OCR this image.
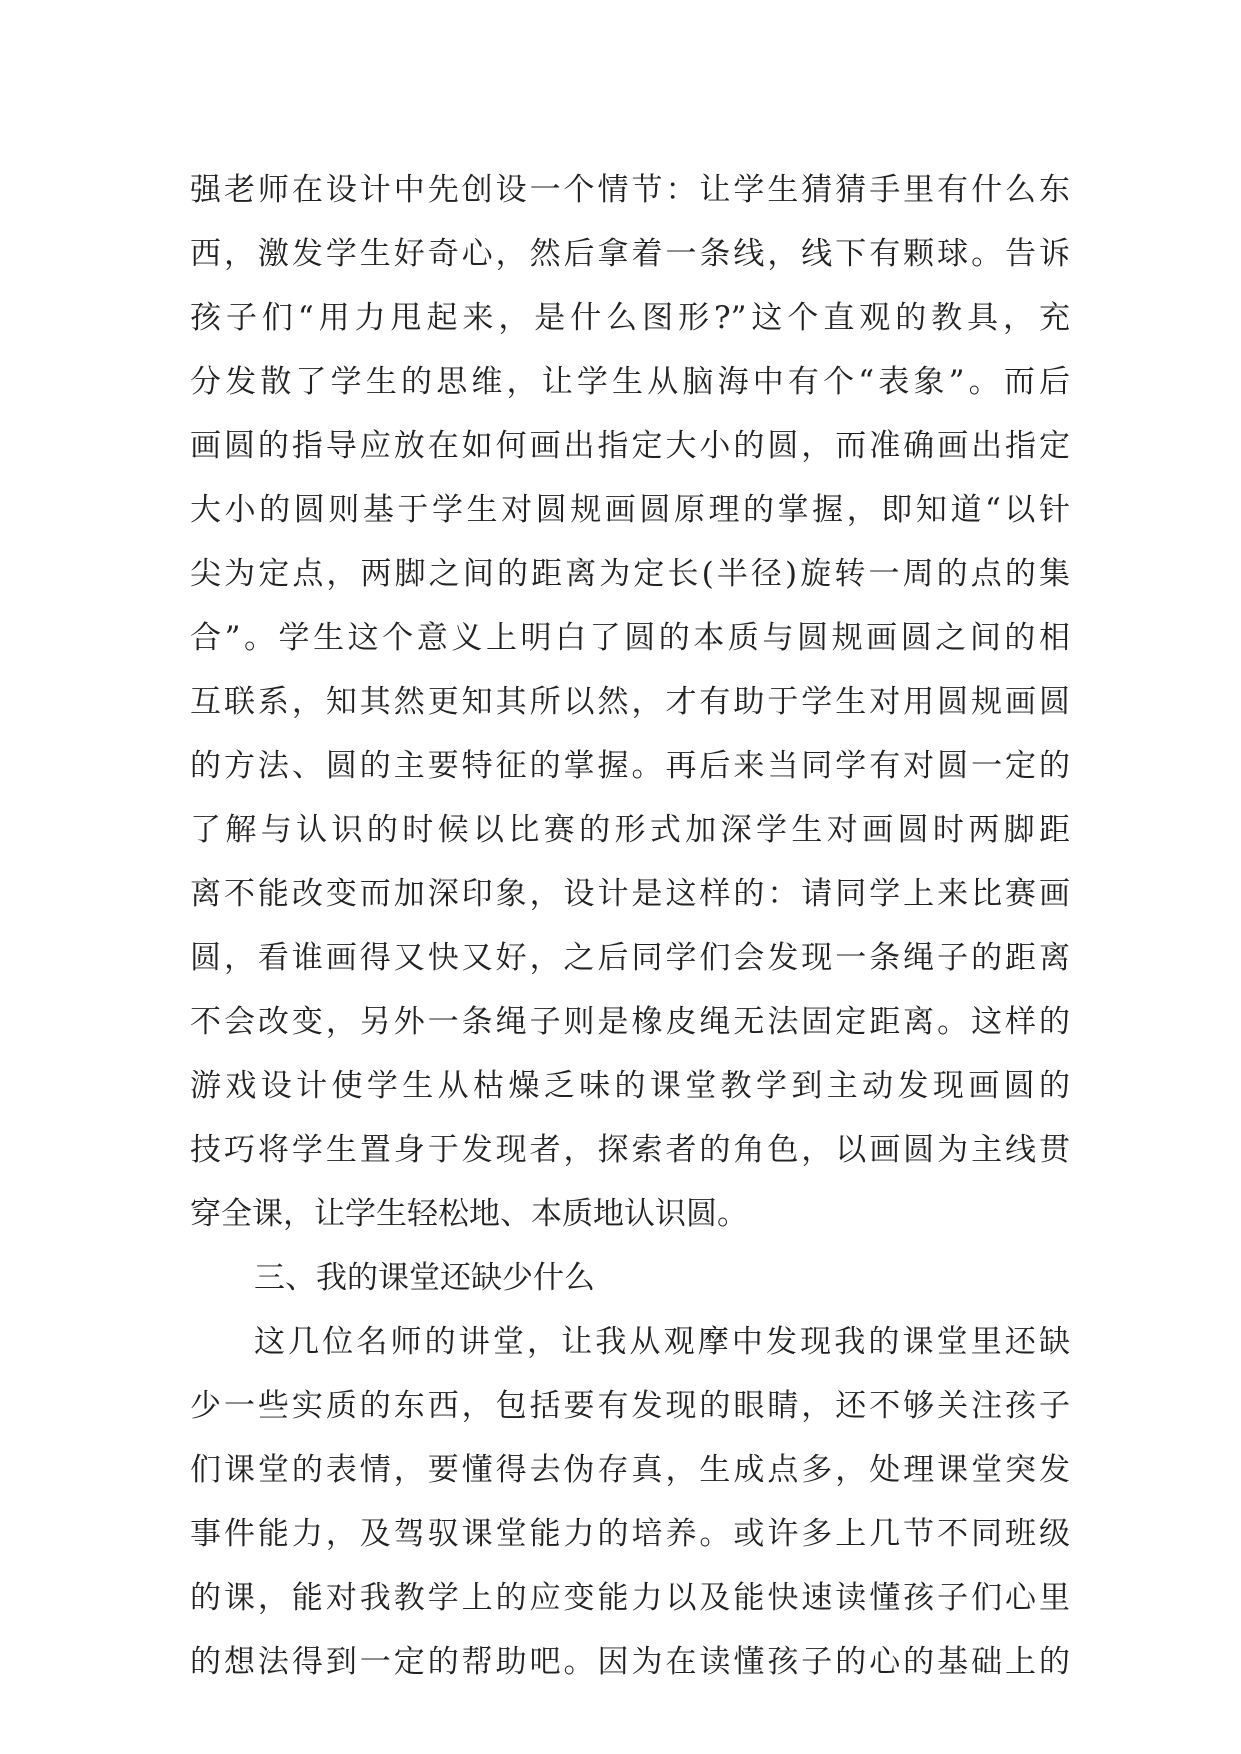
强老师在设计中先创设一个情节：让学生猜猜手里有什么东
西，激发学生好奇心，然后拿着一条线，线下有颗球。告诉
孩子们“用力甩起来，是什么图形?”这个直观的教具，充
分发散了学生的思维，让学生从脑海中有个“表象”。而后
画圆的指导应放在如何画出指定大小的圆，而准确画出指定
大小的圆则基于学生对圆规画圆原理的掌握，即知道“以针
尖为定点，两脚之间的距离为定长(半径)旋转一周的点的集
合”。学生这个意义上明白了圆的本质与圆规画圆之间的相
互联系，知其然更知其所以然，才有助于学生对用圆规画圆
的方法、圆的主要特征的掌握。再后来当同学有对圆一定的
了解与认识的时候以比赛的形式加深学生对画圆时两脚距
离不能改变而加深印象，设计是这样的：请同学上来比赛画
圆，看谁画得又快又好，之后同学们会发现一条绳子的距离
不会改变，另外一条绳子则是橡皮绳无法固定距离。这样的
游戏设计使学生从枯燥乏味的课堂教学到主动发现画圆的
技巧将学生置身于发现者，探索者的角色，以画圆为主线贯
穿全课，让学生轻松地、本质地认识圆。
三、我的课堂还缺少什么
这几位名师的讲堂，让我从观摩中发现我的课堂里还缺
少一些实质的东西，包括要有发现的眼睛，还不够关注孩子
们课堂的表情，要懂得去伪存真，生成点多，处理课堂突发
事件能力，及驾驭课堂能力的培养。或许多上几节不同班级
的课，能对我教学上的应变能力以及能快速读懂孩子们心里
的想法得到一定的帮助吧。因为在读懂孩子的心的基础上的
